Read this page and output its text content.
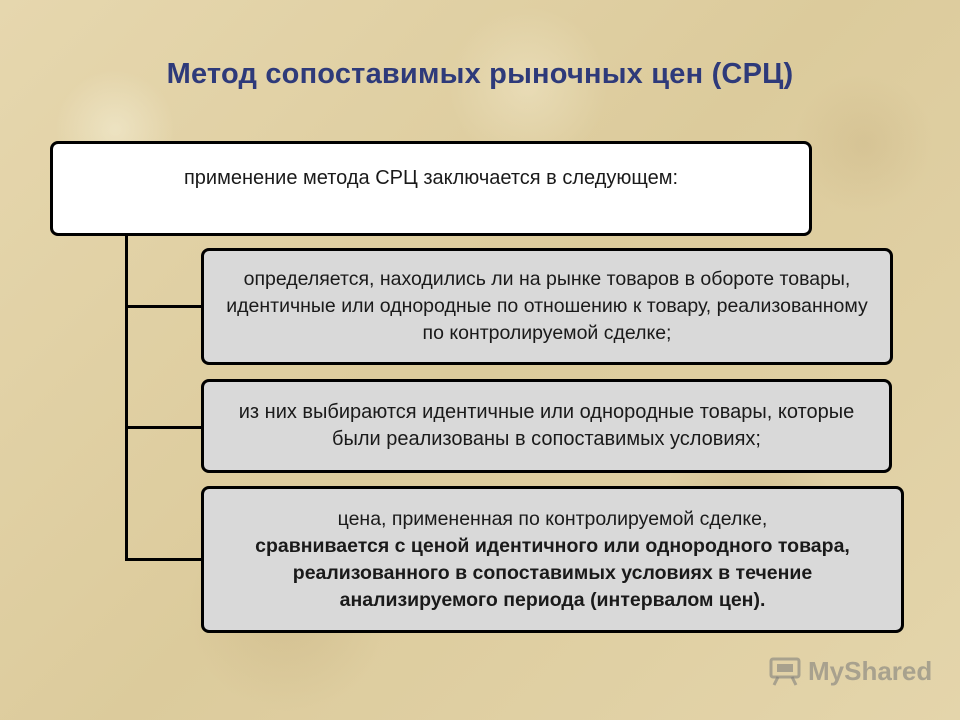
Метод сопоставимых рыночных цен (СРЦ)
применение метода СРЦ заключается в следующем:
определяется, находились ли на рынке товаров в обороте товары, идентичные или однородные по отношению к товару, реализованному по контролируемой сделке;
из них выбираются идентичные или однородные товары, которые были реализованы в сопоставимых условиях;
цена, примененная по контролируемой сделке,
сравнивается с ценой идентичного или однородного товара, реализованного в сопоставимых условиях в течение анализируемого периода (интервалом цен).
MyShared
